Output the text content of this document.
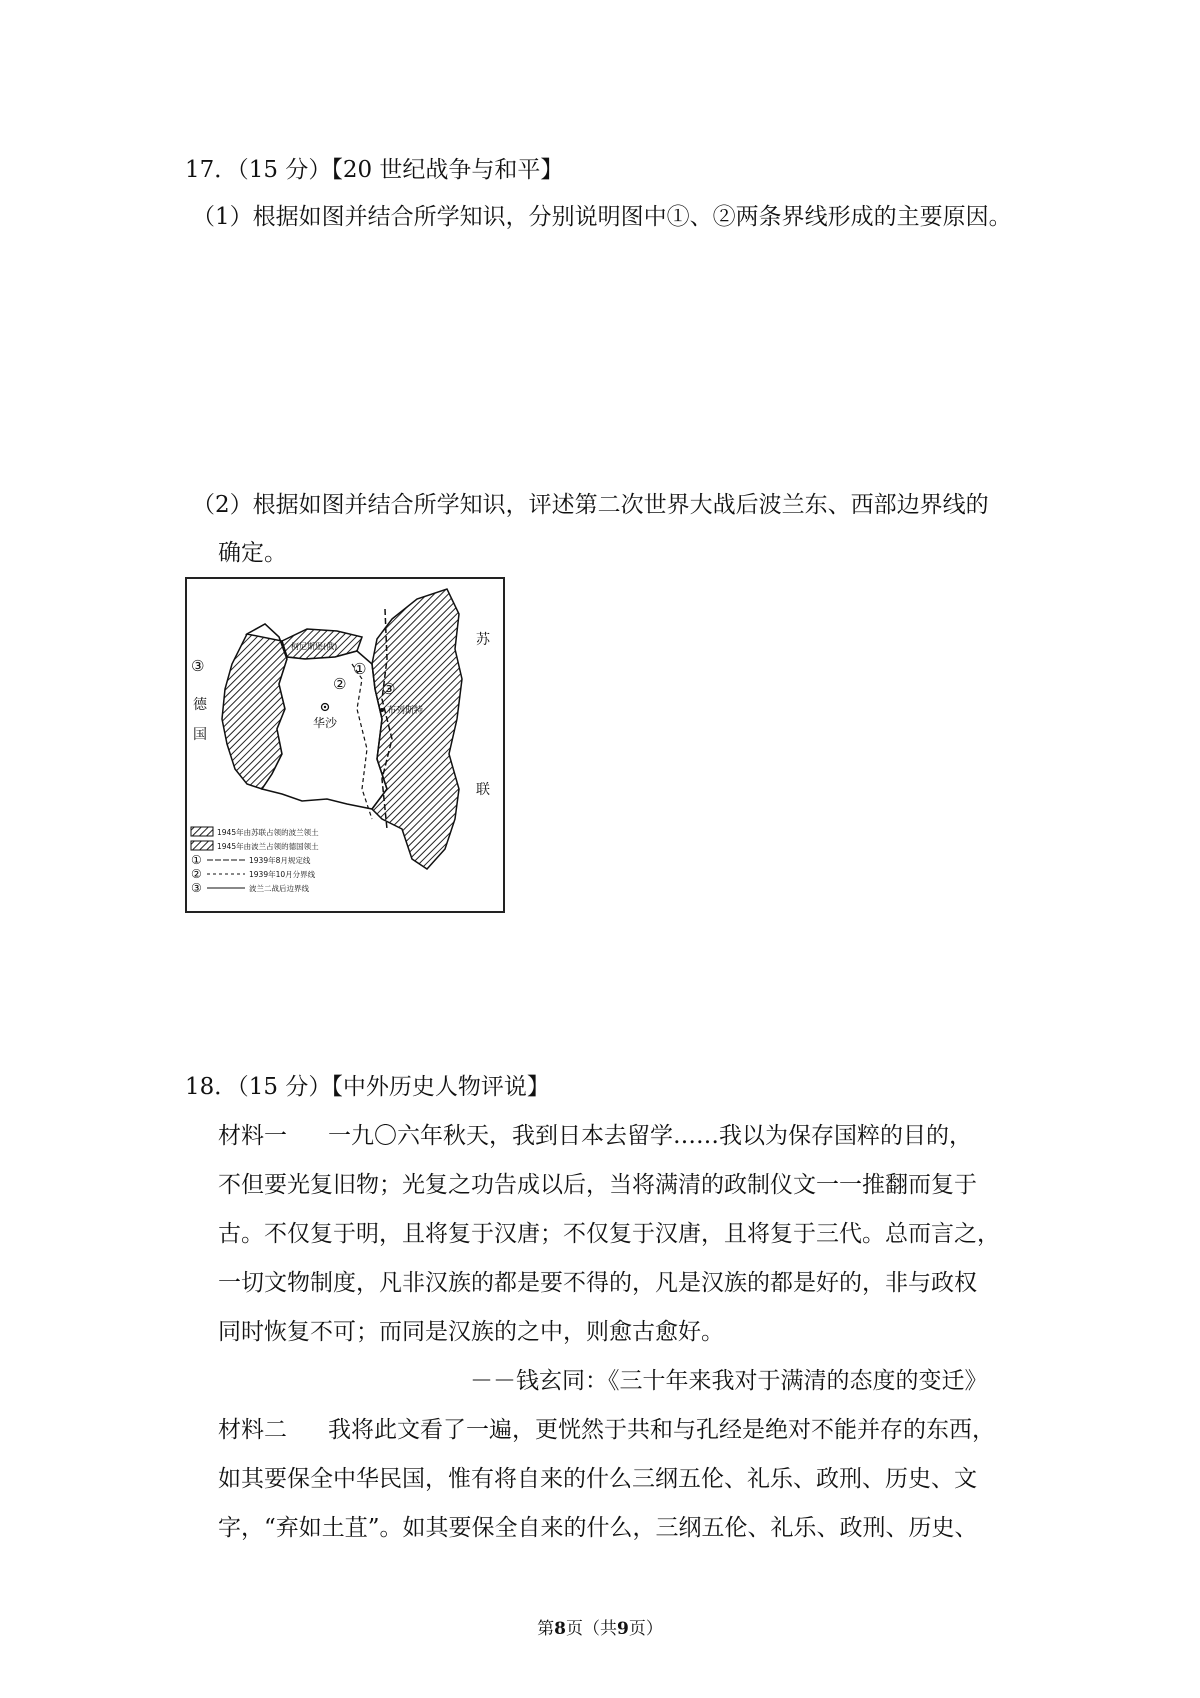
17．（15 分）【20 世纪战争与和平】
（1）根据如图并结合所学知识，分别说明图中①、②两条界线形成的主要原因。
（2）根据如图并结合所学知识，评述第二次世界大战后波兰东、西部边界线的
确定。
柯尼斯堡(俄)
①
② ③
③
德
国
苏
联
华沙
布列斯特
1945年由苏联占领的波兰领土
1945年由波兰占领的德国领土
①	1939年8月规定线
②	1939年10月分界线
③	波兰二战后边界线
18．（15 分）【中外历史人物评说】
材料一 一九〇六年秋天，我到日本去留学……我以为保存国粹的目的，
不但要光复旧物；光复之功告成以后，当将满清的政制仪文一一推翻而复于
古。不仅复于明，且将复于汉唐；不仅复于汉唐，且将复于三代。总而言之，
一切文物制度，凡非汉族的都是要不得的，凡是汉族的都是好的，非与政权
同时恢复不可；而同是汉族的之中，则愈古愈好。
－－钱玄同：《三十年来我对于满清的态度的变迁》
材料二 我将此文看了一遍，更恍然于共和与孔经是绝对不能并存的东西，
如其要保全中华民国，惟有将自来的什么三纲五伦、礼乐、政刑、历史、文
字，“弃如土苴”。如其要保全自来的什么，三纲五伦、礼乐、政刑、历史、
第8页（共9页）
